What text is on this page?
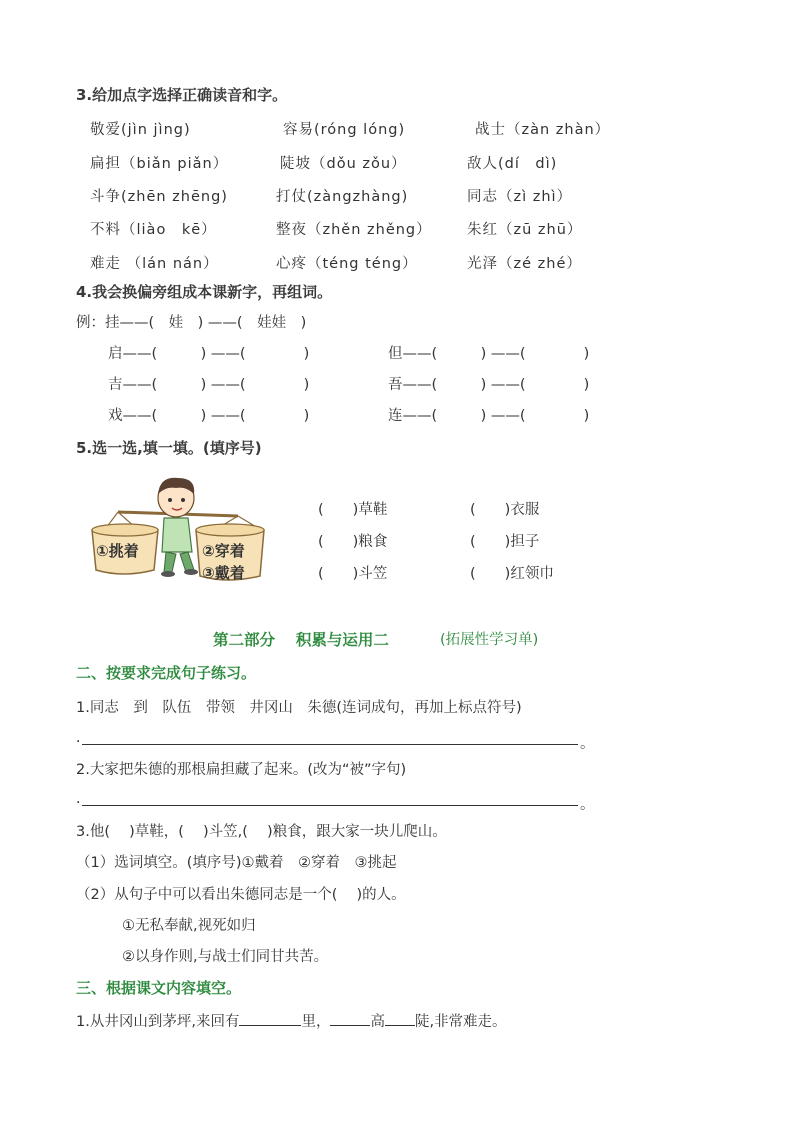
3.给加点字选择正确读音和字。
敬爱(jìn jìng)	容易(róng lóng)	战士（zàn zhàn）
扁担（biǎn piǎn）	陡坡（dǒu zǒu）	敌人(dí　dì)
斗争(zhēn zhēng)	打仗(zàngzhàng)	同志（zì zhì）
不料（liào　kē）	整夜（zhěn zhěng） 朱红（zū zhū）
难走 （lán nán）	心疼（téng téng）	光泽（zé zhé）
4.我会换偏旁组成本课新字，再组词。
例：挂——(　娃　) ——(　娃娃　)
启——(　　　) ——(　　　　)	但——(　　　) ——(　　　　)
吉——(　　　) ——(　　　　)	吾——(　　　) ——(　　　　)
戏——(　　　) ——(　　　　)	连——(　　　) ——(　　　　)
5.选一选,填一填。(填序号)
①挑着	②穿着
③戴着
(　　)草鞋	(　　)衣服
(　　)粮食	(　　)担子
(　　)斗笠	(　　)红领巾
第二部分　 积累与运用二	(拓展性学习单)
二、按要求完成句子练习。
1.同志　到　队伍　带领　井冈山　朱德(连词成句，再加上标点符号)
.	。
2.大家把朱德的那根扁担藏了起来。(改为“被”字句)
.	。
3.他(　 )草鞋，(　 )斗笠,(　 )粮食，跟大家一块儿爬山。
（1）选词填空。(填序号)①戴着　②穿着　③挑起
（2）从句子中可以看出朱德同志是一个(　 )的人。
①无私奉献,视死如归
②以身作则,与战士们同甘共苦。
三、根据课文内容填空。
1.从井冈山到茅坪,来回有	里，	高 陡,非常难走。
